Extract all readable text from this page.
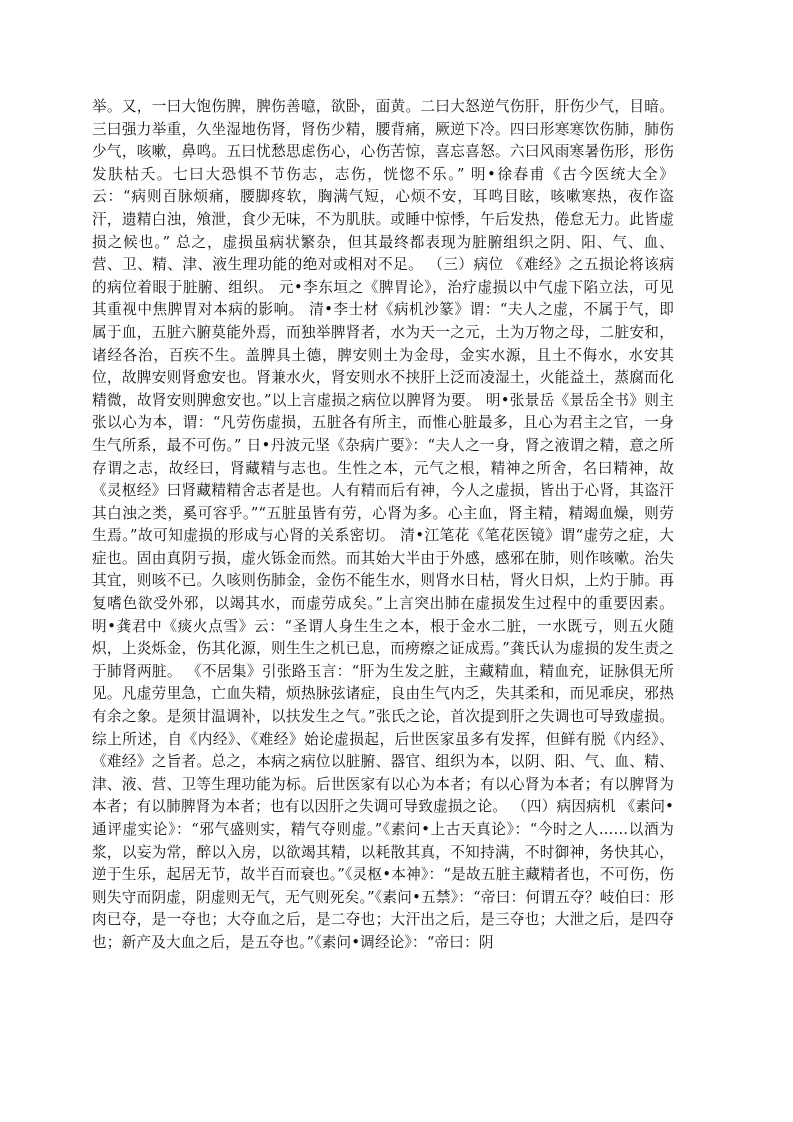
举。又，一曰大饱伤脾，脾伤善噫，欲卧，面黄。二曰大怒逆气伤肝，肝伤少气，目暗。三曰强力举重，久坐湿地伤肾，肾伤少精，腰背痛，厥逆下冷。四曰形寒寒饮伤肺，肺伤少气，咳嗽，鼻鸣。五曰忧愁思虑伤心，心伤苦惊，喜忘喜怒。六曰风雨寒暑伤形，形伤发肤枯夭。七曰大恐惧不节伤志，志伤，恍惚不乐。” 明•徐春甫《古今医统大全》云：“病则百脉烦痛，腰脚疼软，胸满气短，心烦不安，耳鸣目眩，咳嗽寒热，夜作盗汗，遗精白浊，飧泄，食少无味，不为肌肤。或睡中惊悸，午后发热，倦怠无力。此皆虚损之候也。” 总之，虚损虽病状繁杂，但其最终都表现为脏腑组织之阴、阳、气、血、营、卫、精、津、液生理功能的绝对或相对不足。 （三）病位 《难经》之五损论将该病的病位着眼于脏腑、组织。 元•李东垣之《脾胃论》，治疗虚损以中气虚下陷立法，可见其重视中焦脾胃对本病的影响。 清•李士材《病机沙篆》谓：“夫人之虚，不属于气，即属于血，五脏六腑莫能外焉，而独举脾肾者，水为天一之元，土为万物之母，二脏安和，诸经各治，百疾不生。盖脾具土德，脾安则土为金母，金实水源，且土不侮水，水安其位，故脾安则肾愈安也。肾兼水火，肾安则水不挟肝上泛而凌湿土，火能益土，蒸腐而化精微，故肾安则脾愈安也。”以上言虚损之病位以脾肾为要。 明•张景岳《景岳全书》则主张以心为本，谓：“凡劳伤虚损，五脏各有所主，而惟心脏最多，且心为君主之官，一身生气所系，最不可伤。” 日•丹波元坚《杂病广要》：“夫人之一身，肾之液谓之精，意之所存谓之志，故经曰，肾藏精与志也。生性之本，元气之根，精神之所舍，名曰精神，故《灵枢经》曰肾藏精精舍志者是也。人有精而后有神，今人之虚损，皆出于心肾，其盗汗其白浊之类，奚可容乎。”“五脏虽皆有劳，心肾为多。心主血，肾主精，精竭血燥，则劳生焉。”故可知虚损的形成与心肾的关系密切。 清•江笔花《笔花医镜》谓“虚劳之症，大症也。固由真阴亏损，虚火铄金而然。而其始大半由于外感，感邪在肺，则作咳嗽。治失其宜，则咳不已。久咳则伤肺金，金伤不能生水，则肾水日枯，肾火日炽，上灼于肺。再复嗜色欲受外邪，以竭其水，而虚劳成矣。”上言突出肺在虚损发生过程中的重要因素。 明•龚君中《痰火点雪》云：“圣谓人身生生之本，根于金水二脏，一水既亏，则五火随炽，上炎烁金，伤其化源，则生生之机已息，而痨瘵之证成焉。”龚氏认为虚损的发生责之于肺肾两脏。 《不居集》引张路玉言：“肝为生发之脏，主藏精血，精血充，证脉俱无所见。凡虚劳里急，亡血失精，烦热脉弦诸症，良由生气内乏，失其柔和，而见乖戾，邪热有余之象。是须甘温调补，以扶发生之气。”张氏之论，首次提到肝之失调也可导致虚损。 综上所述，自《内经》、《难经》始论虚损起，后世医家虽多有发挥，但鲜有脱《内经》、《难经》之旨者。总之，本病之病位以脏腑、器官、组织为本，以阴、阳、气、血、精、津、液、营、卫等生理功能为标。后世医家有以心为本者；有以心肾为本者；有以脾肾为本者；有以肺脾肾为本者；也有以因肝之失调可导致虚损之论。 （四）病因病机 《素问•通评虚实论》：“邪气盛则实，精气夺则虚。”《素问•上古天真论》：“今时之人……以酒为浆，以妄为常，醉以入房，以欲竭其精，以耗散其真，不知持满，不时御神，务快其心，逆于生乐，起居无节，故半百而衰也。”《灵枢•本神》：“是故五脏主藏精者也，不可伤，伤则失守而阴虚，阴虚则无气，无气则死矣。”《素问•五禁》：“帝曰：何谓五夺？岐伯曰：形肉已夺，是一夺也；大夺血之后，是二夺也；大汗出之后，是三夺也；大泄之后，是四夺也；新产及大血之后，是五夺也。”《素问•调经论》：“帝曰：阴
